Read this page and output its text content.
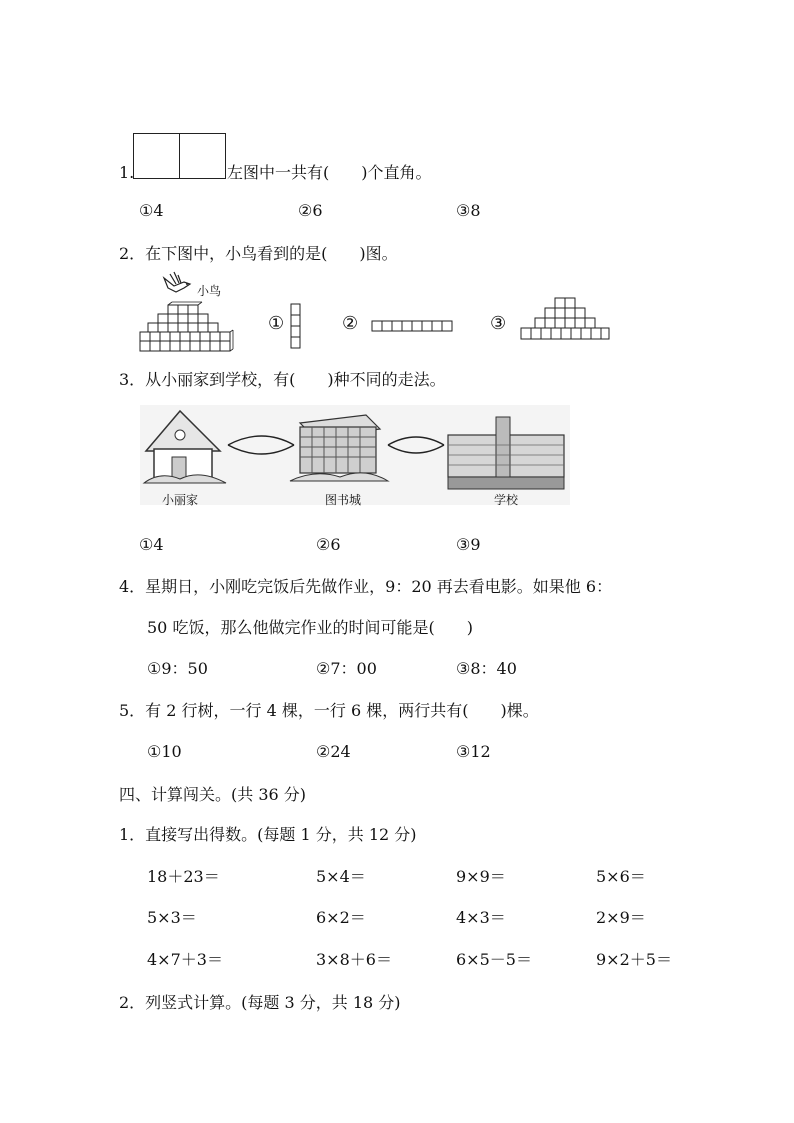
1.	左图中一共有(　　)个直角。
①4	②6	③8
2．在下图中，小鸟看到的是(　　)图。
小鸟
①	②	③
3．从小丽家到学校，有(　　)种不同的走法。
小丽家	图书城	学校
①4	②6	③9
4．星期日，小刚吃完饭后先做作业，9：20 再去看电影。如果他 6：
50 吃饭，那么他做完作业的时间可能是(　　)
①9：50	②7：00	③8：40
5．有 2 行树，一行 4 棵，一行 6 棵，两行共有(　　)棵。
①10	②24	③12
四、计算闯关。(共 36 分)
1．直接写出得数。(每题 1 分，共 12 分)
18＋23＝	5×4＝	9×9＝	5×6＝
5×3＝	6×2＝	4×3＝	2×9＝
4×7＋3＝	3×8＋6＝	6×5－5＝	9×2＋5＝
2．列竖式计算。(每题 3 分，共 18 分)
